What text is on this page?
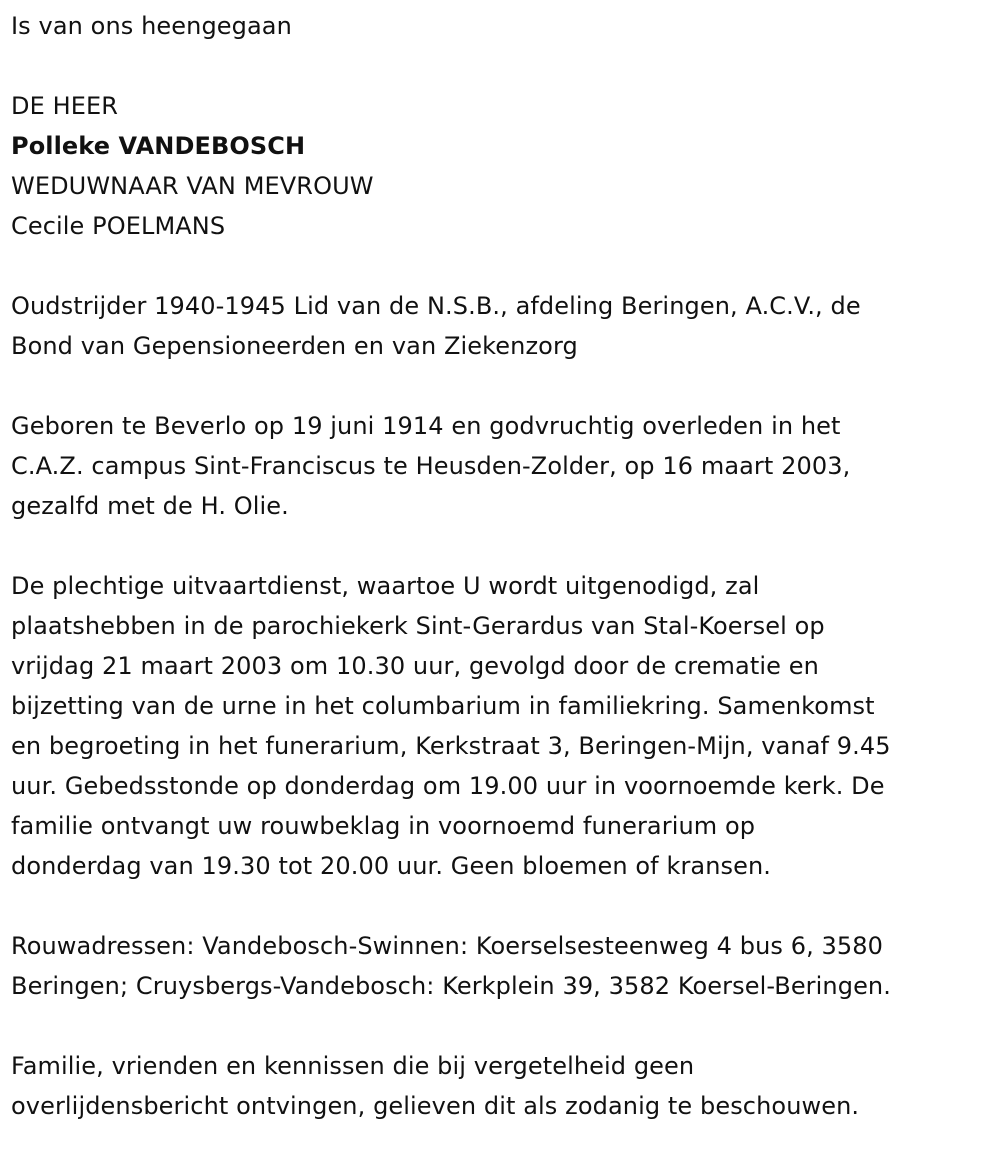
Is van ons heengegaan

DE HEER

Polleke VANDEBOSCH

WEDUWNAAR VAN MEVROUW

Cecile POELMANS

Oudstrijder 1940-1945 Lid van de N.S.B., afdeling Beringen, A.C.V., de
Bond van Gepensioneerden en van Ziekenzorg

Geboren te Beverlo op 19 juni 1914 en godvruchtig overleden in het
C.A.Z. campus Sint-Franciscus te Heusden-Zolder, op 16 maart 2003,
gezalfd met de H. Olie.

De plechtige uitvaartdienst, waartoe U wordt uitgenodigd, zal
plaatshebben in de parochiekerk Sint-Gerardus van Stal-Koersel op
vrijdag 21 maart 2003 om 10.30 uur, gevolgd door de crematie en
bijzetting van de urne in het columbarium in familiekring. Samenkomst
en begroeting in het funerarium, Kerkstraat 3, Beringen-Mijn, vanaf 9.45
uur. Gebedsstonde op donderdag om 19.00 uur in voornoemde kerk. De
familie ontvangt uw rouwbeklag in voornoemd funerarium op
donderdag van 19.30 tot 20.00 uur. Geen bloemen of kransen.

Rouwadressen: Vandebosch-Swinnen: Koerselsesteenweg 4 bus 6, 3580
Beringen; Cruysbergs-Vandebosch: Kerkplein 39, 3582 Koersel-Beringen.

Familie, vrienden en kennissen die bij vergetelheid geen
overlijdensbericht ontvingen, gelieven dit als zodanig te beschouwen.
